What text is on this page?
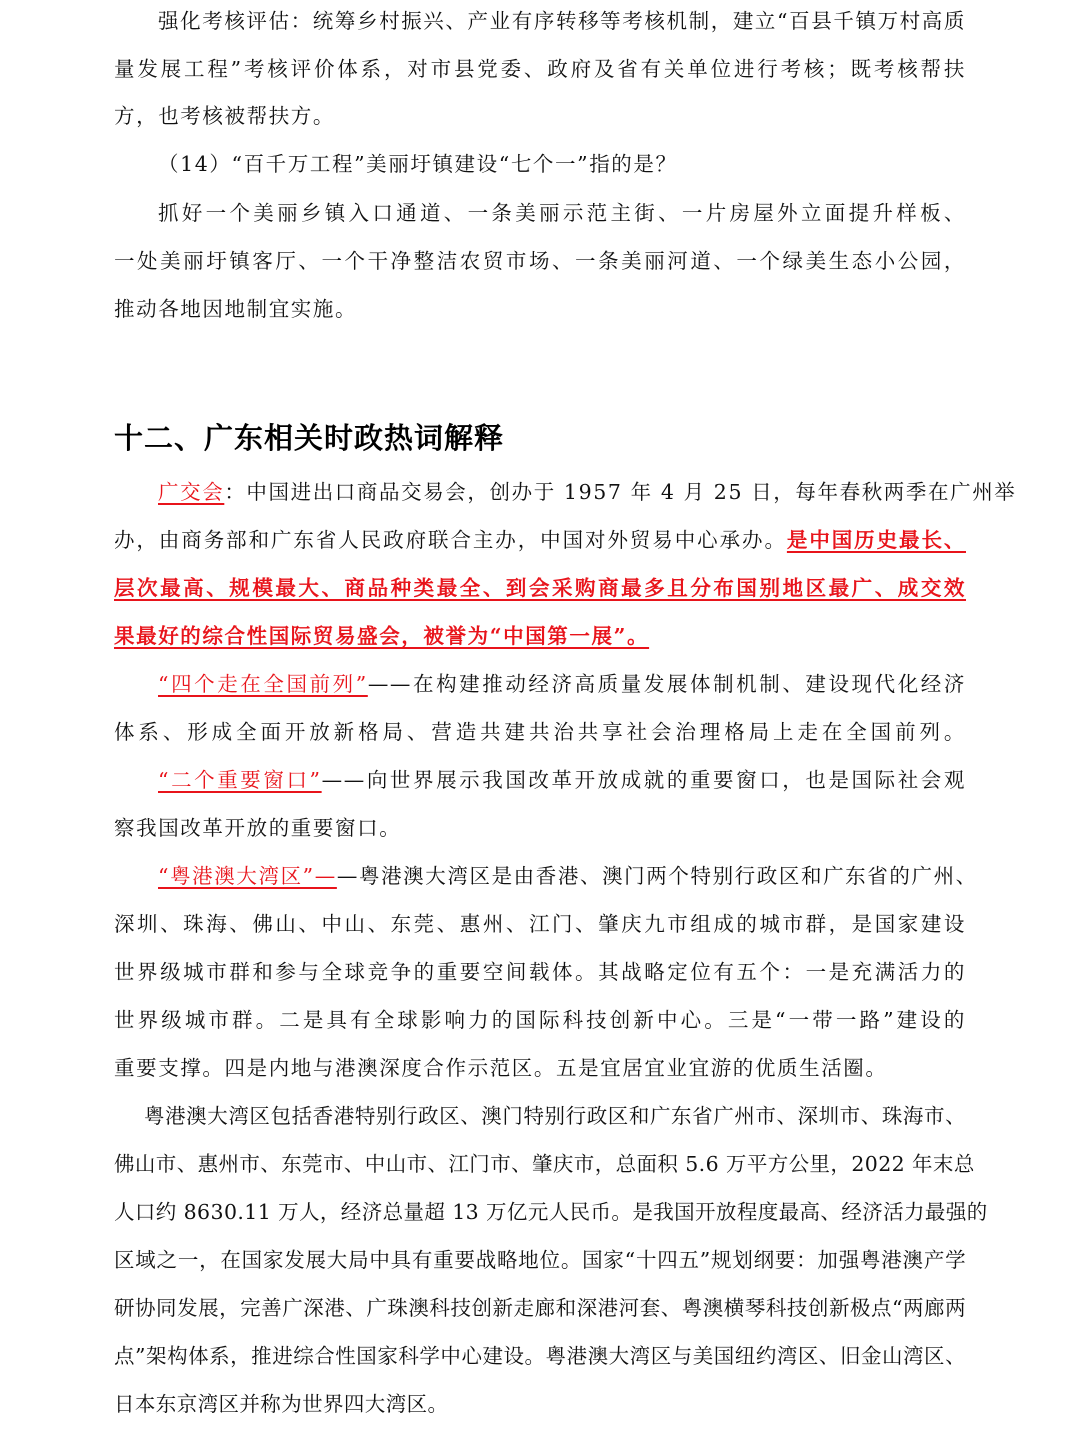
强化考核评估：统筹乡村振兴、产业有序转移等考核机制，建立“百县千镇万村高质
量发展工程”考核评价体系，对市县党委、政府及省有关单位进行考核；既考核帮扶
方，也考核被帮扶方。
（14）“百千万工程”美丽圩镇建设“七个一”指的是？
抓好一个美丽乡镇入口通道、一条美丽示范主街、一片房屋外立面提升样板、
一处美丽圩镇客厅、一个干净整洁农贸市场、一条美丽河道、一个绿美生态小公园，
推动各地因地制宜实施。
十二、广东相关时政热词解释
广交会：中国进出口商品交易会，创办于 1957 年 4 月 25 日，每年春秋两季在广州举
办，由商务部和广东省人民政府联合主办，中国对外贸易中心承办。是中国历史最长、
层次最高、规模最大、商品种类最全、到会采购商最多且分布国别地区最广、成交效
果最好的综合性国际贸易盛会，被誉为“中国第一展”。
“四个走在全国前列”——在构建推动经济高质量发展体制机制、建设现代化经济
体系、形成全面开放新格局、营造共建共治共享社会治理格局上走在全国前列。
“二个重要窗口”——向世界展示我国改革开放成就的重要窗口，也是国际社会观
察我国改革开放的重要窗口。
“粤港澳大湾区”——粤港澳大湾区是由香港、澳门两个特别行政区和广东省的广州、
深圳、珠海、佛山、中山、东莞、惠州、江门、肇庆九市组成的城市群，是国家建设
世界级城市群和参与全球竞争的重要空间载体。其战略定位有五个：一是充满活力的
世界级城市群。二是具有全球影响力的国际科技创新中心。三是“一带一路”建设的
重要支撑。四是内地与港澳深度合作示范区。五是宜居宜业宜游的优质生活圈。
粤港澳大湾区包括香港特别行政区、澳门特别行政区和广东省广州市、深圳市、珠海市、
佛山市、惠州市、东莞市、中山市、江门市、肇庆市，总面积 5.6 万平方公里，2022 年末总
人口约 8630.11 万人，经济总量超 13 万亿元人民币。是我国开放程度最高、经济活力最强的
区域之一，在国家发展大局中具有重要战略地位。国家“十四五”规划纲要：加强粤港澳产学
研协同发展，完善广深港、广珠澳科技创新走廊和深港河套、粤澳横琴科技创新极点“两廊两
点”架构体系，推进综合性国家科学中心建设。粤港澳大湾区与美国纽约湾区、旧金山湾区、
日本东京湾区并称为世界四大湾区。
